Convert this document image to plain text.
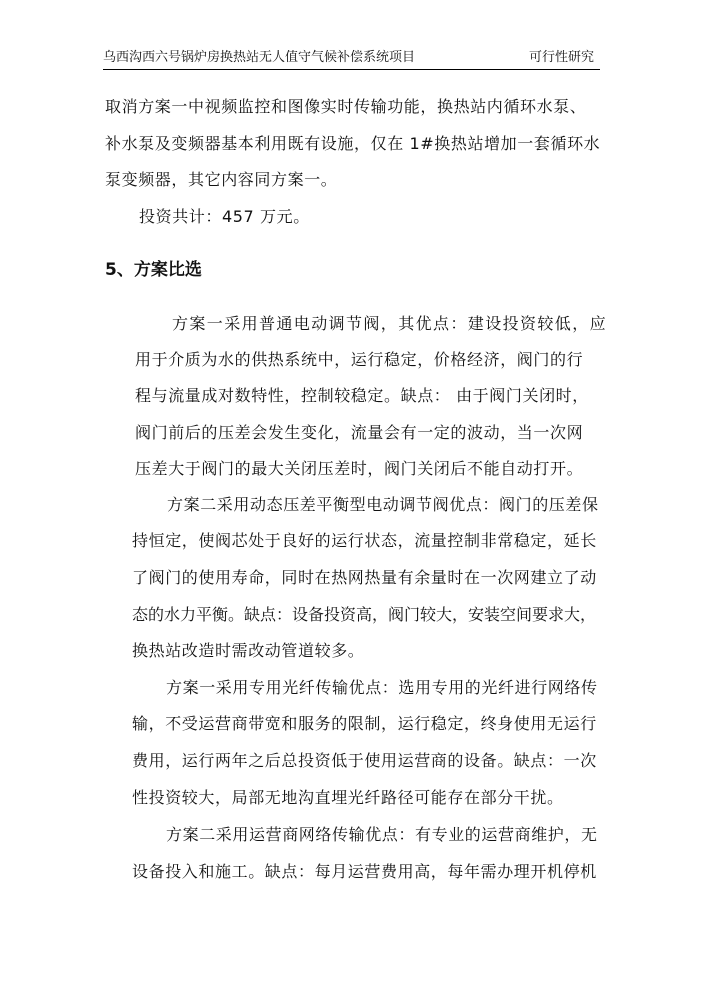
乌西沟西六号锅炉房换热站无人值守气候补偿系统项目	可行性研究
取消方案一中视频监控和图像实时传输功能，换热站内循环水泵、
补水泵及变频器基本利用既有设施，仅在 1#换热站增加一套循环水
泵变频器，其它内容同方案一。
投资共计：457 万元。
5、方案比选
方案一采用普通电动调节阀，其优点：建设投资较低，应
用于介质为水的供热系统中，运行稳定，价格经济，阀门的行
程与流量成对数特性，控制较稳定。缺点： 由于阀门关闭时，
阀门前后的压差会发生变化，流量会有一定的波动，当一次网
压差大于阀门的最大关闭压差时，阀门关闭后不能自动打开。
方案二采用动态压差平衡型电动调节阀优点：阀门的压差保
持恒定，使阀芯处于良好的运行状态，流量控制非常稳定，延长
了阀门的使用寿命，同时在热网热量有余量时在一次网建立了动
态的水力平衡。缺点：设备投资高，阀门较大，安装空间要求大，
换热站改造时需改动管道较多。
方案一采用专用光纤传输优点：选用专用的光纤进行网络传
输，不受运营商带宽和服务的限制，运行稳定，终身使用无运行
费用，运行两年之后总投资低于使用运营商的设备。缺点：一次
性投资较大，局部无地沟直埋光纤路径可能存在部分干扰。
方案二采用运营商网络传输优点：有专业的运营商维护，无
设备投入和施工。缺点：每月运营费用高，每年需办理开机停机
